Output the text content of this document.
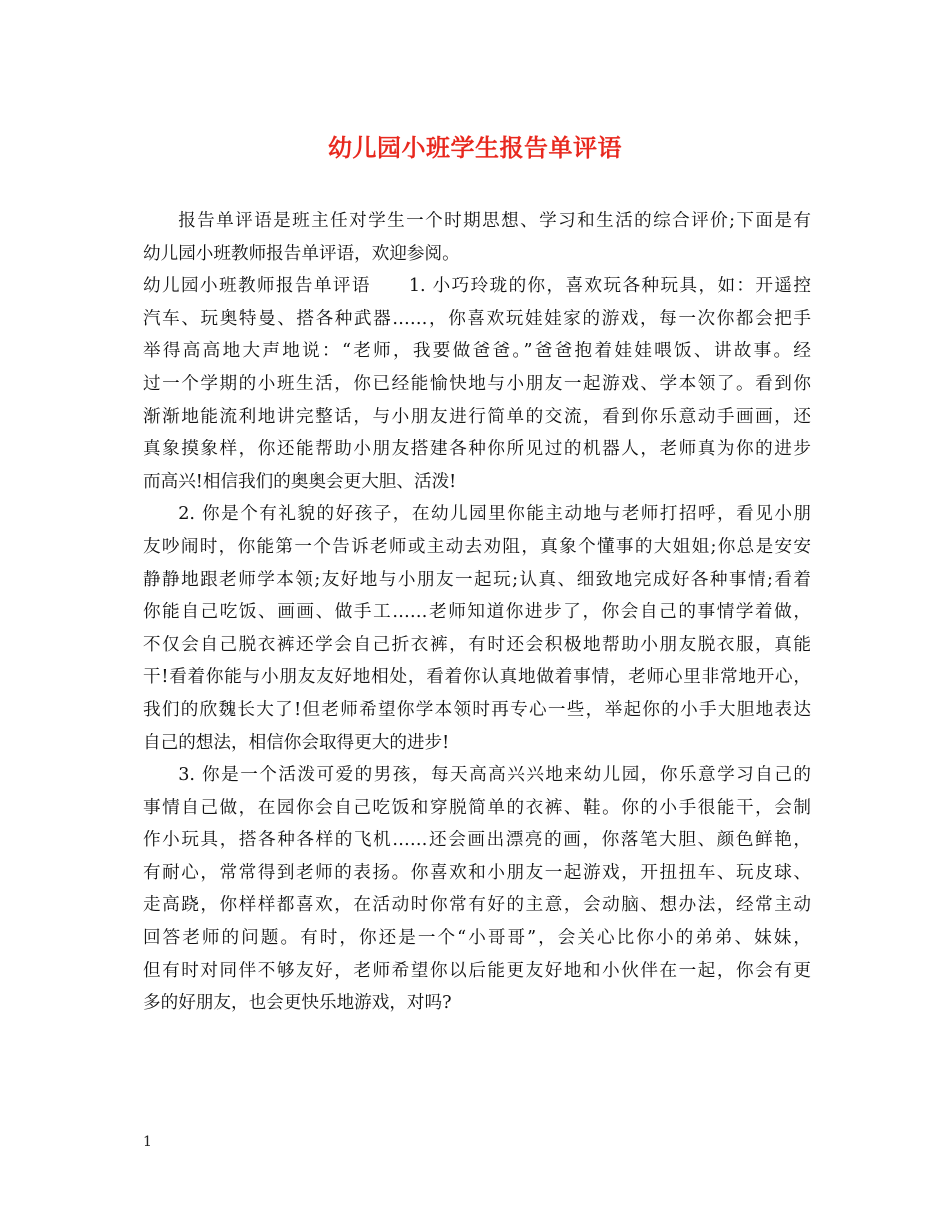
幼儿园小班学生报告单评语

报告单评语是班主任对学生一个时期思想、学习和生活的综合评价;下面是有
幼儿园小班教师报告单评语，欢迎参阅。

幼儿园小班教师报告单评语　　1. 小巧玲珑的你，喜欢玩各种玩具，如：开遥控
汽车、玩奥特曼、搭各种武器……，你喜欢玩娃娃家的游戏，每一次你都会把手
举得高高地大声地说：“老师，我要做爸爸。”爸爸抱着娃娃喂饭、讲故事。经
过一个学期的小班生活，你已经能愉快地与小朋友一起游戏、学本领了。看到你
渐渐地能流利地讲完整话，与小朋友进行简单的交流，看到你乐意动手画画，还
真象摸象样，你还能帮助小朋友搭建各种你所见过的机器人，老师真为你的进步
而高兴!相信我们的奥奥会更大胆、活泼!

2. 你是个有礼貌的好孩子，在幼儿园里你能主动地与老师打招呼，看见小朋
友吵闹时，你能第一个告诉老师或主动去劝阻，真象个懂事的大姐姐;你总是安安
静静地跟老师学本领;友好地与小朋友一起玩;认真、细致地完成好各种事情;看着
你能自己吃饭、画画、做手工……老师知道你进步了，你会自己的事情学着做，
不仅会自己脱衣裤还学会自己折衣裤，有时还会积极地帮助小朋友脱衣服，真能
干!看着你能与小朋友友好地相处，看着你认真地做着事情，老师心里非常地开心，
我们的欣魏长大了!但老师希望你学本领时再专心一些，举起你的小手大胆地表达
自己的想法，相信你会取得更大的进步!

3. 你是一个活泼可爱的男孩，每天高高兴兴地来幼儿园，你乐意学习自己的
事情自己做，在园你会自己吃饭和穿脱简单的衣裤、鞋。你的小手很能干，会制
作小玩具，搭各种各样的飞机……还会画出漂亮的画，你落笔大胆、颜色鲜艳，
有耐心，常常得到老师的表扬。你喜欢和小朋友一起游戏，开扭扭车、玩皮球、
走高跷，你样样都喜欢，在活动时你常有好的主意，会动脑、想办法，经常主动
回答老师的问题。有时，你还是一个“小哥哥”，会关心比你小的弟弟、妹妹，
但有时对同伴不够友好，老师希望你以后能更友好地和小伙伴在一起，你会有更
多的好朋友，也会更快乐地游戏，对吗?

1
